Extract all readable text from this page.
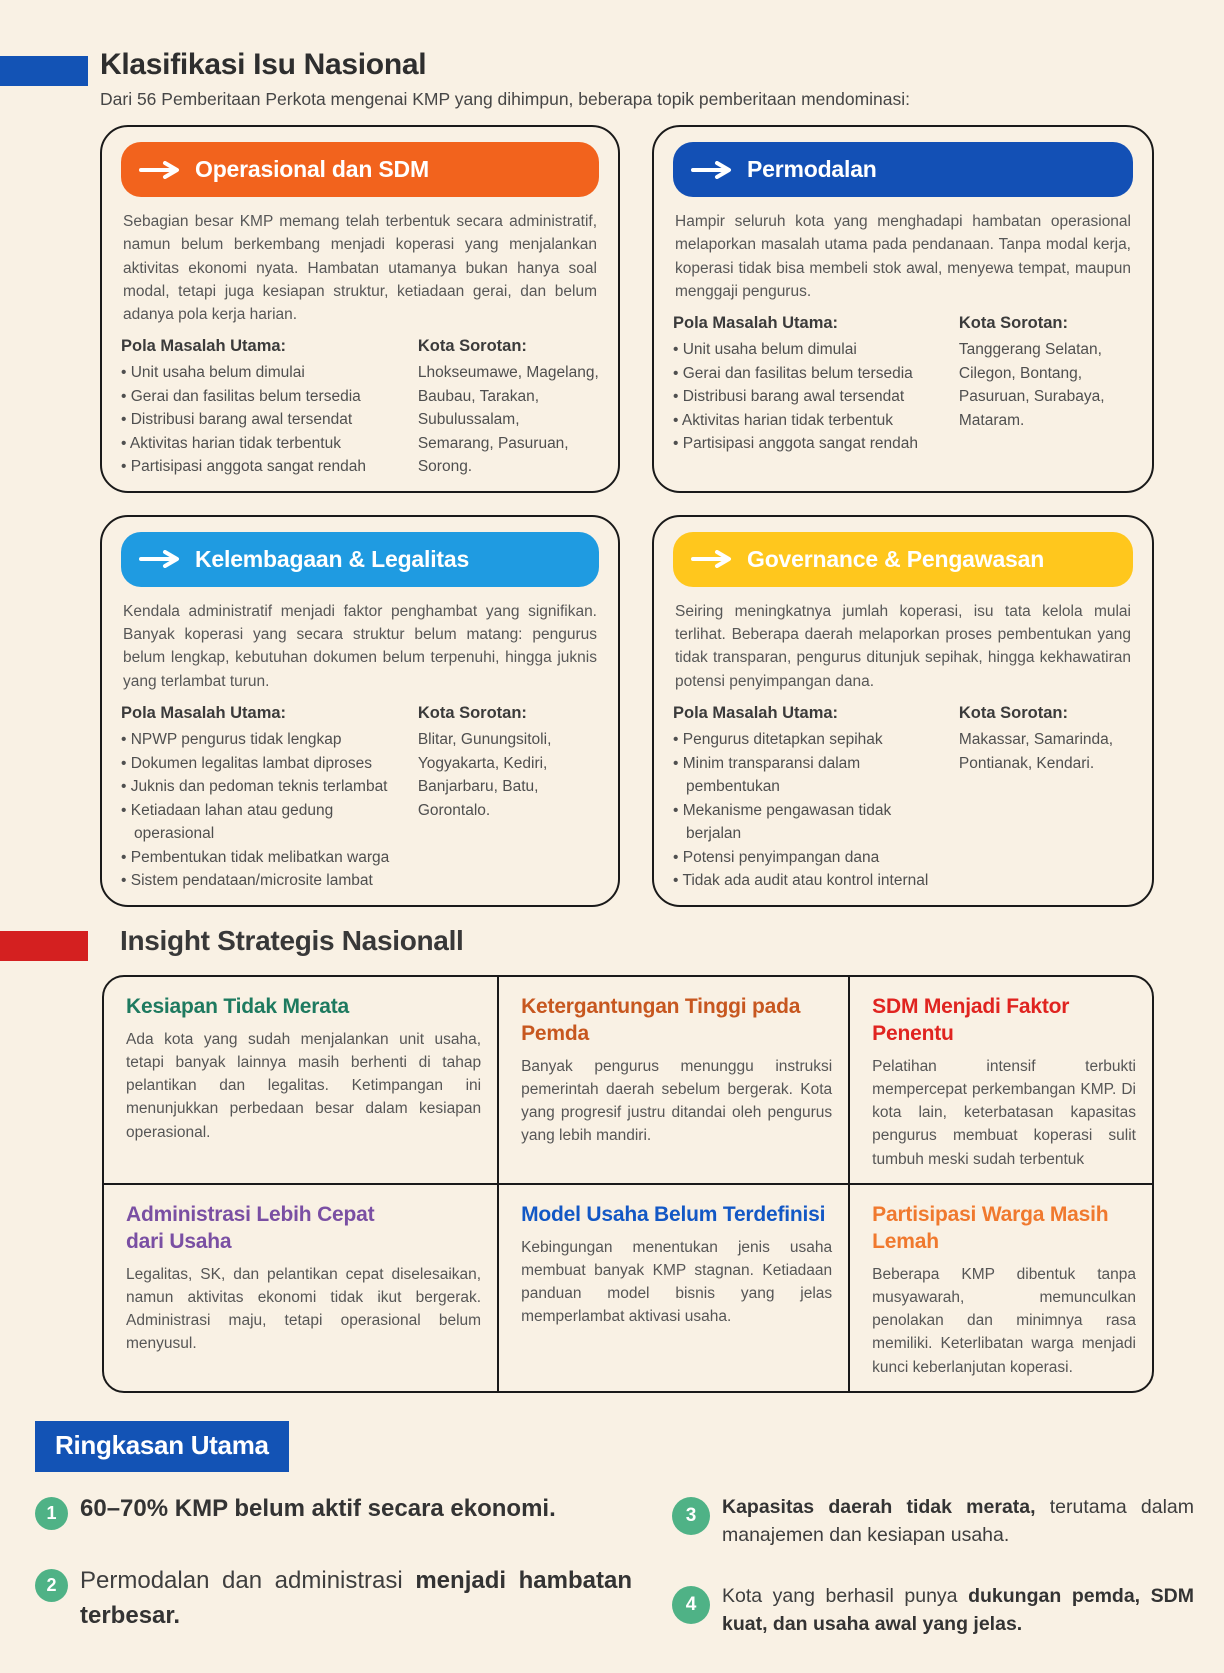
Klasifikasi Isu Nasional

Dari 56 Pemberitaan Perkota mengenai KMP yang dihimpun, beberapa topik pemberitaan mendominasi:

Operasional dan SDM

Sebagian besar KMP memang telah terbentuk secara administratif, namun belum berkembang menjadi koperasi yang menjalankan aktivitas ekonomi nyata. Hambatan utamanya bukan hanya soal modal, tetapi juga kesiapan struktur, ketiadaan gerai, dan belum adanya pola kerja harian.

Pola Masalah Utama:
• Unit usaha belum dimulai
• Gerai dan fasilitas belum tersedia
• Distribusi barang awal tersendat
• Aktivitas harian tidak terbentuk
• Partisipasi anggota sangat rendah
Kota Sorotan:

Lhokseumawe, Magelang, Baubau, Tarakan, Subulussalam, Semarang, Pasuruan, Sorong.

Permodalan

Hampir seluruh kota yang menghadapi hambatan operasional melaporkan masalah utama pada pendanaan. Tanpa modal kerja, koperasi tidak bisa membeli stok awal, menyewa tempat, maupun menggaji pengurus.

Pola Masalah Utama:
• Unit usaha belum dimulai
• Gerai dan fasilitas belum tersedia
• Distribusi barang awal tersendat
• Aktivitas harian tidak terbentuk
• Partisipasi anggota sangat rendah
Kota Sorotan:

Tanggerang Selatan, Cilegon, Bontang, Pasuruan, Surabaya, Mataram.

Kelembagaan & Legalitas

Kendala administratif menjadi faktor penghambat yang signifikan. Banyak koperasi yang secara struktur belum matang: pengurus belum lengkap, kebutuhan dokumen belum terpenuhi, hingga juknis yang terlambat turun.

Pola Masalah Utama:
• NPWP pengurus tidak lengkap
• Dokumen legalitas lambat diproses
• Juknis dan pedoman teknis terlambat
• Ketiadaan lahan atau gedung operasional
• Pembentukan tidak melibatkan warga
• Sistem pendataan/microsite lambat
Kota Sorotan:

Blitar, Gunungsitoli, Yogyakarta, Kediri, Banjarbaru, Batu, Gorontalo.

Governance & Pengawasan

Seiring meningkatnya jumlah koperasi, isu tata kelola mulai terlihat. Beberapa daerah melaporkan proses pembentukan yang tidak transparan, pengurus ditunjuk sepihak, hingga kekhawatiran potensi penyimpangan dana.

Pola Masalah Utama:
• Pengurus ditetapkan sepihak
• Minim transparansi dalam pembentukan
• Mekanisme pengawasan tidak berjalan
• Potensi penyimpangan dana
• Tidak ada audit atau kontrol internal
Kota Sorotan:

Makassar, Samarinda, Pontianak, Kendari.

Insight Strategis Nasionall
Kesiapan Tidak Merata

Ada kota yang sudah menjalankan unit usaha, tetapi banyak lainnya masih berhenti di tahap pelantikan dan legalitas. Ketimpangan ini menunjukkan perbedaan besar dalam kesiapan operasional.

Ketergantungan Tinggi pada Pemda

Banyak pengurus menunggu instruksi pemerintah daerah sebelum bergerak. Kota yang progresif justru ditandai oleh pengurus yang lebih mandiri.

SDM Menjadi Faktor Penentu

Pelatihan intensif terbukti mempercepat perkembangan KMP. Di kota lain, keterbatasan kapasitas pengurus membuat koperasi sulit tumbuh meski sudah terbentuk

Administrasi Lebih Cepat dari Usaha

Legalitas, SK, dan pelantikan cepat diselesaikan, namun aktivitas ekonomi tidak ikut bergerak. Administrasi maju, tetapi operasional belum menyusul.

Model Usaha Belum Terdefinisi

Kebingungan menentukan jenis usaha membuat banyak KMP stagnan. Ketiadaan panduan model bisnis yang jelas memperlambat aktivasi usaha.

Partisipasi Warga Masih Lemah

Beberapa KMP dibentuk tanpa musyawarah, memunculkan penolakan dan minimnya rasa memiliki. Keterlibatan warga menjadi kunci keberlanjutan koperasi.

Ringkasan Utama
1 60–70% KMP belum aktif secara ekonomi.
2 Permodalan dan administrasi menjadi hambatan terbesar.
3	Kapasitas daerah tidak merata, terutama dalam manajemen dan kesiapan usaha.
4	Kota yang berhasil punya dukungan pemda, SDM kuat, dan usaha awal yang jelas.
